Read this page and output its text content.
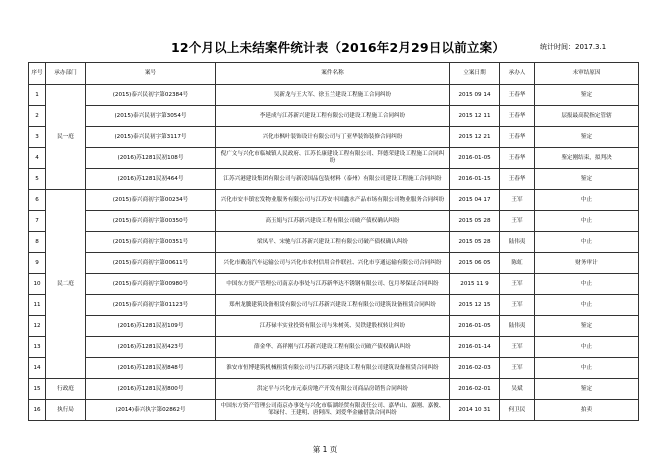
12个月以上未结案件统计表（2016年2月29日以前立案）	统计时间：2017.3.1
序号	承办部门	案号	案件名称	立案日期	承办人	未审结原因
1	民一庭	(2015)泰兴民初字第02384号	吴新龙与王大军、徐玉兰建设工程施工合同纠纷	2015 09 14	王春华	鉴定
2		(2015)泰兴民初字第3054号	李延成与江苏新兴建设工程有限公司建设工程施工合同纠纷	2015 12 11	王春华	层报最高院指定管辖
3		(2015)泰兴民初字第3117号	兴化市枫叶装饰设计有限公司与丁亚华装饰装修合同纠纷	2015 12 21	王春华	鉴定
4		(2016)苏1281民初108号	倪广文与兴化市临城镇人民政府、江苏长康建设工程有限公司、拜德荣建设工程施工合同纠纷	2016-01-05	王春华	鉴定刚结束，拟判决
5		(2016)苏1281民初464号	江苏兴港建设集团有限公司与新凌国品包装材料（泰州）有限公司建设工程施工合同纠纷	2016-01-15	王春华	鉴定
6	民二庭	(2015)泰兴商初字第00234号	兴化市安丰镇宏发物业服务有限公司与江苏安丰国鑫水产品市场有限公司物业服务合同纠纷	2015 04 17	王军	中止
7		(2015)泰兴商初字第00350号	高玉娟与江苏新兴建设工程有限公司破产债权确认纠纷	2015 05 28	王军	中止
8		(2015)泰兴商初字第00351号	梁凤平、宋驰与江苏新兴建设工程有限公司破产债权确认纠纷	2015 05 28	陆伟夷	中止
9		(2015)泰兴商初字第00611号	兴化市戴南汽车运输公司与兴化市农村信用合作联社、兴化市亨通运输有限公司合同纠纷	2015 06 05	陈虹	财务审计
10		(2015)泰兴商初字第00980号	中国东方资产管理公司南京办事处与江苏新华达不锈钢有限公司、包月琴保证合同纠纷	2015 11 9	王军	中止
11		(2015)泰兴商初字第01123号	郑州龙騰建筑设备租赁有限公司与江苏新兴建设工程有限公司建筑设备租赁合同纠纷	2015 12 15	王军	中止
12		(2016)苏1281民初109号	江苏禄丰实业投资有限公司与朱树英、吴铁建股权转让纠纷	2016-01-05	陆伟夷	鉴定
13		(2016)苏1281民初423号	薛金华、高祥刚与江苏新兴建设工程有限公司破产债权确认纠纷	2016-01-14	王军	中止
14		(2016)苏1281民初848号	淮安市恒博建筑机械租赁有限公司与江苏新兴建设工程有限公司建筑设备租赁合同纠纷	2016-02-03	王军	中止
15	行政庭	(2016)苏1281民初800号	洪定平与兴化市元泰房地产开发有限公司商品房销售合同纠纷	2016-02-01	吴斌	鉴定
16	执行局	(2014)泰兴执字第02862号	中国东方资产管理公司南京办事处与兴化市临湖经贸有限责任公司、嘉华山、嘉刚、嘉俊、邹绿付、王建明、唐阿四、刘爱华金融借款合同纠纷	2014 10 31	何卫民	拍卖
第 1 页
